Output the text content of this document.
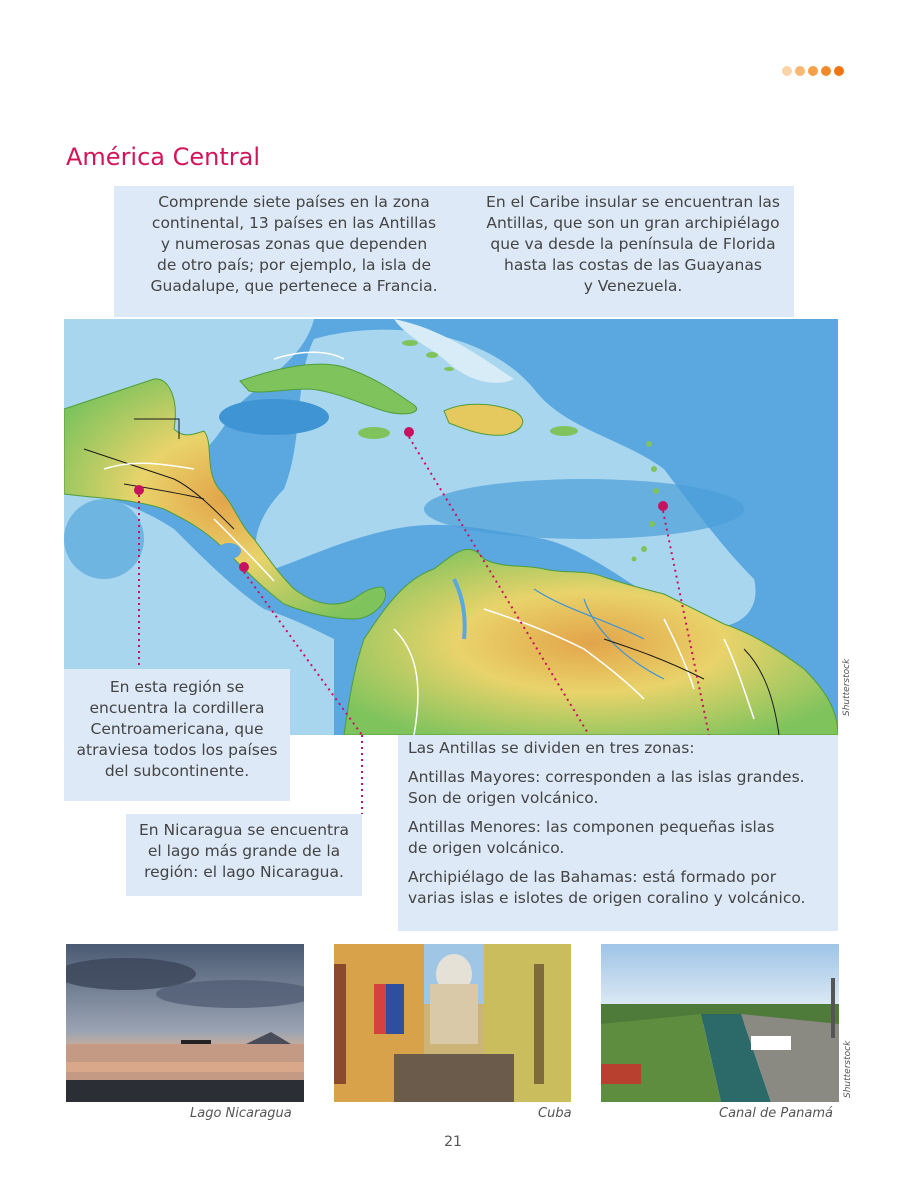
América Central
Shutterstock
Comprende siete países en la zona
continental, 13 países en las Antillas
y numerosas zonas que dependen
de otro país; por ejemplo, la isla de
Guadalupe, que pertenece a Francia.
En el Caribe insular se encuentran las
Antillas, que son un gran archipiélago
que va desde la península de Florida
hasta las costas de las Guayanas
y Venezuela.
En esta región se
encuentra la cordillera
Centroamericana, que
atraviesa todos los países
del subcontinente.
En Nicaragua se encuentra
el lago más grande de la
región: el lago Nicaragua.
Las Antillas se dividen en tres zonas:
Antillas Mayores: corresponden a las islas grandes.
Son de origen volcánico.
Antillas Menores: las componen pequeñas islas
de origen volcánico.
Archipiélago de las Bahamas: está formado por
varias islas e islotes de origen coralino y volcánico.
Shutterstock
Lago Nicaragua	Cuba	Canal de Panamá
21
